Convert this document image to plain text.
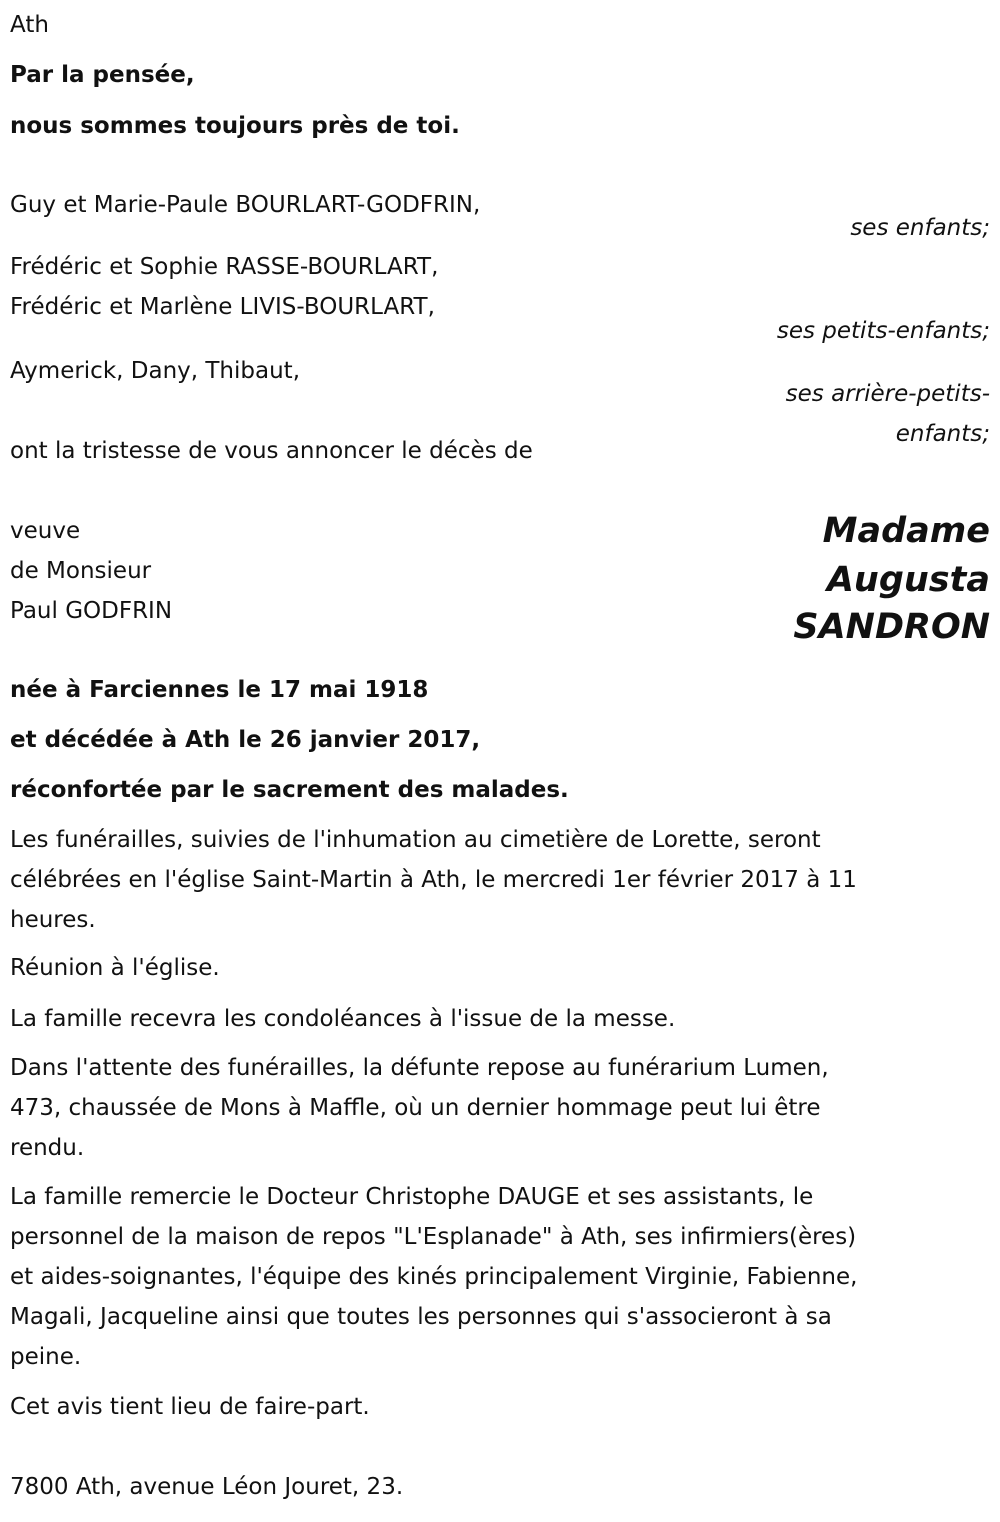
Ath
Par la pensée,
nous sommes toujours près de toi.
Guy et Marie-Paule BOURLART-GODFRIN,
ses enfants;
Frédéric et Sophie RASSE-BOURLART,
Frédéric et Marlène LIVIS-BOURLART,
ses petits-enfants;
Aymerick, Dany, Thibaut,
ses arrière-petits-
enfants;
ont la tristesse de vous annoncer le décès de
veuve
de Monsieur
Paul GODFRIN
Madame
Augusta
SANDRON
née à Farciennes le 17 mai 1918
et décédée à Ath le 26 janvier 2017,
réconfortée par le sacrement des malades.
Les funérailles, suivies de l'inhumation au cimetière de Lorette, seront
célébrées en l'église Saint-Martin à Ath, le mercredi 1er février 2017 à 11
heures.
Réunion à l'église.
La famille recevra les condoléances à l'issue de la messe.
Dans l'attente des funérailles, la défunte repose au funérarium Lumen,
473, chaussée de Mons à Maffle, où un dernier hommage peut lui être
rendu.
La famille remercie le Docteur Christophe DAUGE et ses assistants, le
personnel de la maison de repos "L'Esplanade" à Ath, ses infirmiers(ères)
et aides-soignantes, l'équipe des kinés principalement Virginie, Fabienne,
Magali, Jacqueline ainsi que toutes les personnes qui s'associeront à sa
peine.
Cet avis tient lieu de faire-part.
7800 Ath, avenue Léon Jouret, 23.
